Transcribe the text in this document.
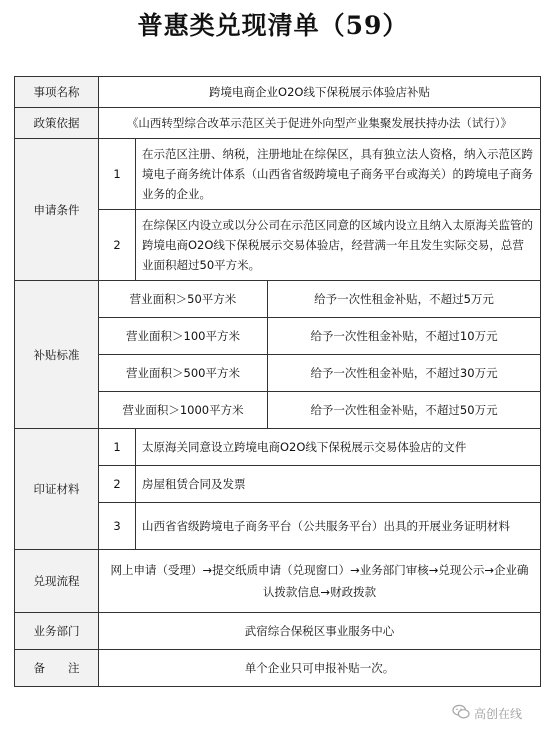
普惠类兑现清单（59）
事项名称	跨境电商企业O2O线下保税展示体验店补贴		
政策依据	《山西转型综合改革示范区关于促进外向型产业集聚发展扶持办法（试行）》		
申请条件	1	在示范区注册、纳税，注册地址在综保区，具有独立法人资格，纳入示范区跨境电子商务统计体系（山西省省级跨境电子商务平台或海关）的跨境电子商务业务的企业。	
	2	在综保区内设立或以分公司在示范区同意的区域内设立且纳入太原海关监管的跨境电商O2O线下保税展示交易体验店，经营满一年且发生实际交易，总营业面积超过50平方米。	
补贴标准	营业面积＞50平方米		给予一次性租金补贴，不超过5万元
	营业面积＞100平方米		给予一次性租金补贴，不超过10万元
	营业面积＞500平方米		给予一次性租金补贴，不超过30万元
	营业面积＞1000平方米		给予一次性租金补贴，不超过50万元
印证材料	1	太原海关同意设立跨境电商O2O线下保税展示交易体验店的文件	
	2	房屋租赁合同及发票	
	3	山西省省级跨境电子商务平台（公共服务平台）出具的开展业务证明材料	
兑现流程	网上申请（受理）→提交纸质申请（兑现窗口）→业务部门审核→兑现公示→企业确认拨款信息→财政拨款		
业务部门	武宿综合保税区事业服务中心		
备　　注	单个企业只可申报补贴一次。		
高创在线
